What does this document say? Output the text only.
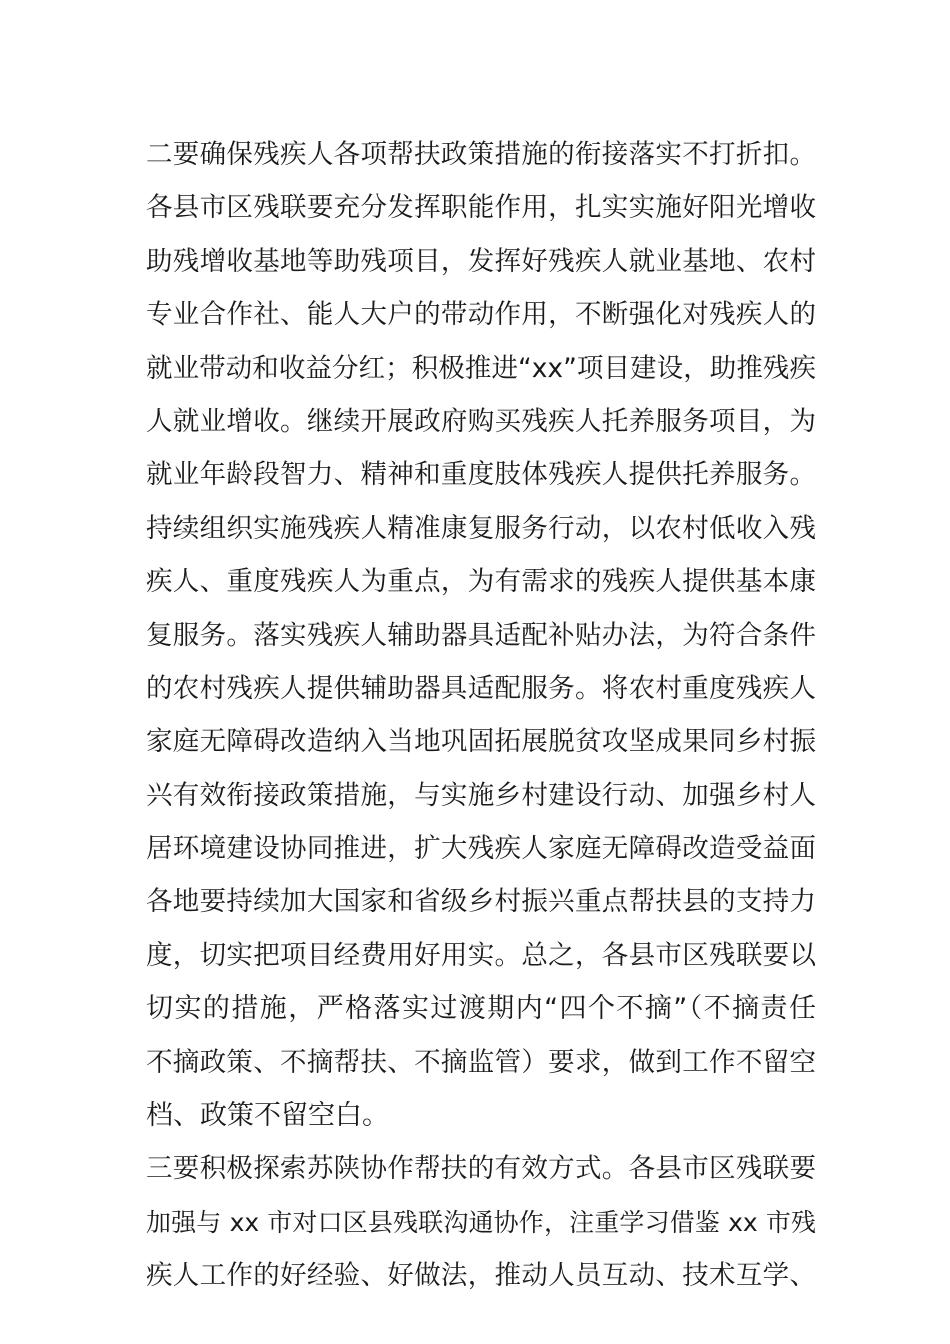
二要确保残疾人各项帮扶政策措施的衔接落实不打折扣。
各县市区残联要充分发挥职能作用，扎实实施好阳光增收
助残增收基地等助残项目，发挥好残疾人就业基地、农村
专业合作社、能人大户的带动作用，不断强化对残疾人的
就业带动和收益分红；积极推进“xx”项目建设，助推残疾
人就业增收。继续开展政府购买残疾人托养服务项目，为
就业年龄段智力、精神和重度肢体残疾人提供托养服务。
持续组织实施残疾人精准康复服务行动，以农村低收入残
疾人、重度残疾人为重点，为有需求的残疾人提供基本康
复服务。落实残疾人辅助器具适配补贴办法，为符合条件
的农村残疾人提供辅助器具适配服务。将农村重度残疾人
家庭无障碍改造纳入当地巩固拓展脱贫攻坚成果同乡村振
兴有效衔接政策措施，与实施乡村建设行动、加强乡村人
居环境建设协同推进，扩大残疾人家庭无障碍改造受益面
各地要持续加大国家和省级乡村振兴重点帮扶县的支持力
度，切实把项目经费用好用实。总之，各县市区残联要以
切实的措施，严格落实过渡期内“四个不摘”（不摘责任
不摘政策、不摘帮扶、不摘监管）要求，做到工作不留空
档、政策不留空白。
三要积极探索苏陕协作帮扶的有效方式。各县市区残联要
加强与 xx 市对口区县残联沟通协作，注重学习借鉴 xx 市残
疾人工作的好经验、好做法，推动人员互动、技术互学、
